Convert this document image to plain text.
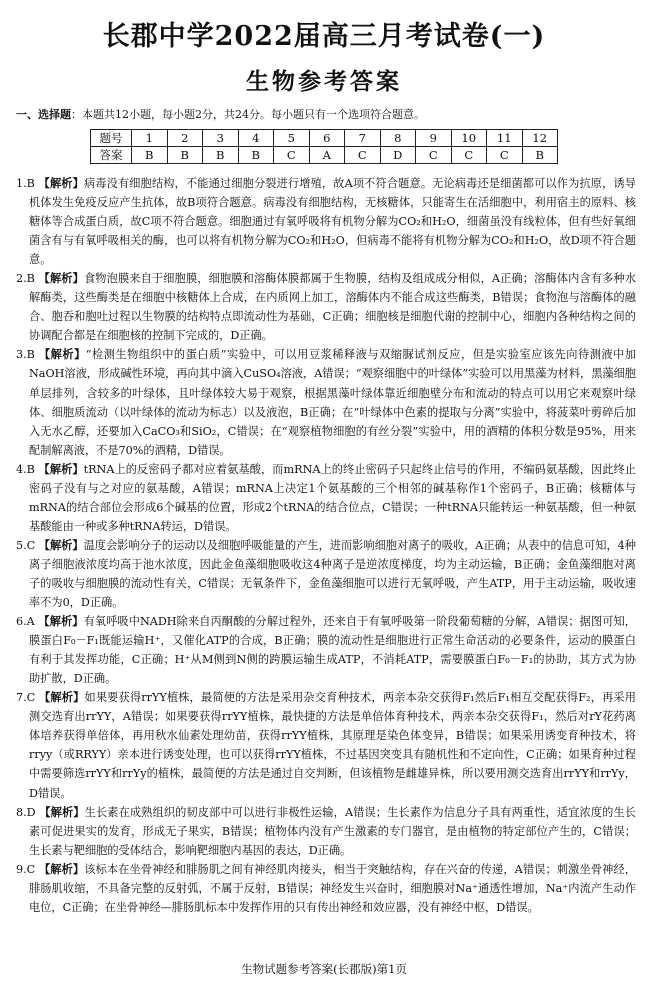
长郡中学2022届高三月考试卷(一)
生物参考答案
一、选择题：本题共12小题，每小题2分，共24分。每小题只有一个选项符合题意。
题号	1	2	3	4	5	6	7	8	9	10	11	12
答案	B	B	B	B	C	A	C	D	C	C	C	B

1.B 【解析】病毒没有细胞结构，不能通过细胞分裂进行增殖，故A项不符合题意。无论病毒还是细菌都可以作为抗原，诱导机体发生免疫反应产生抗体，故B项符合题意。病毒没有细胞结构，无核糖体，只能寄生在活细胞中，利用宿主的原料、核糖体等合成蛋白质，故C项不符合题意。细胞通过有氧呼吸将有机物分解为CO₂和H₂O，细菌虽没有线粒体，但有些好氧细菌含有与有氧呼吸相关的酶，也可以将有机物分解为CO₂和H₂O，但病毒不能将有机物分解为CO₂和H₂O，故D项不符合题意。

2.B 【解析】食物泡膜来自于细胞膜，细胞膜和溶酶体膜都属于生物膜，结构及组成成分相似，A正确；溶酶体内含有多种水解酶类，这些酶类是在细胞中核糖体上合成，在内质网上加工，溶酶体内不能合成这些酶类，B错误；食物泡与溶酶体的融合、胞吞和胞吐过程以生物膜的结构特点即流动性为基础，C正确；细胞核是细胞代谢的控制中心，细胞内各种结构之间的协调配合都是在细胞核的控制下完成的，D正确。

3.B 【解析】“检测生物组织中的蛋白质”实验中，可以用豆浆稀释液与双缩脲试剂反应，但是实验室应该先向待测液中加NaOH溶液，形成碱性环境，再向其中滴入CuSO₄溶液，A错误；“观察细胞中的叶绿体”实验可以用黑藻为材料，黑藻细胞单层排列，含较多的叶绿体，且叶绿体较大易于观察，根据黑藻叶绿体靠近细胞壁分布和流动的特点可以用它来观察叶绿体、细胞质流动（以叶绿体的流动为标志）以及液泡，B正确；在“叶绿体中色素的提取与分离”实验中，将菠菜叶剪碎后加入无水乙醇，还要加入CaCO₃和SiO₂，C错误；在“观察植物细胞的有丝分裂”实验中，用的酒精的体积分数是95%，用来配制解离液，不是70%的酒精，D错误。

4.B 【解析】tRNA上的反密码子都对应着氨基酸，而mRNA上的终止密码子只起终止信号的作用，不编码氨基酸，因此终止密码子没有与之对应的氨基酸，A错误；mRNA上决定1个氨基酸的三个相邻的碱基称作1个密码子，B正确；核糖体与mRNA的结合部位会形成6个碱基的位置，形成2个tRNA的结合位点，C错误；一种tRNA只能转运一种氨基酸，但一种氨基酸能由一种或多种tRNA转运，D错误。

5.C 【解析】温度会影响分子的运动以及细胞呼吸能量的产生，进而影响细胞对离子的吸收，A正确；从表中的信息可知，4种离子细胞液浓度均高于池水浓度，因此金鱼藻细胞吸收这4种离子是逆浓度梯度，均为主动运输，B正确；金鱼藻细胞对离子的吸收与细胞膜的流动性有关，C错误；无氧条件下，金鱼藻细胞可以进行无氧呼吸，产生ATP，用于主动运输，吸收速率不为0，D正确。

6.A 【解析】有氧呼吸中NADH除来自丙酮酸的分解过程外，还来自于有氧呼吸第一阶段葡萄糖的分解，A错误；据图可知，膜蛋白F₀－F₁既能运输H⁺，又催化ATP的合成，B正确；膜的流动性是细胞进行正常生命活动的必要条件，运动的膜蛋白有利于其发挥功能，C正确；H⁺从M侧到N侧的跨膜运输生成ATP，不消耗ATP，需要膜蛋白F₀－F₁的协助，其方式为协助扩散，D正确。

7.C 【解析】如果要获得rrYY植株，最简便的方法是采用杂交育种技术，两亲本杂交获得F₁然后F₁相互交配获得F₂，再采用测交选育出rrYY，A错误；如果要获得rrYY植株，最快捷的方法是单倍体育种技术，两亲本杂交获得F₁，然后对rY花药离体培养获得单倍体，再用秋水仙素处理幼苗，获得rrYY植株，其原理是染色体变异，B错误；如果采用诱变育种技术，将rryy（或RRYY）亲本进行诱变处理，也可以获得rrYY植株，不过基因突变具有随机性和不定向性，C正确；如果育种过程中需要筛选rrYY和rrYy的植株，最简便的方法是通过自交判断，但该植物是雌雄异株，所以要用测交选育出rrYY和rrYy，D错误。

8.D 【解析】生长素在成熟组织的韧皮部中可以进行非极性运输，A错误；生长素作为信息分子具有两重性，适宜浓度的生长素可促进果实的发育，形成无子果实，B错误；植物体内没有产生激素的专门器官，是由植物的特定部位产生的，C错误；生长素与靶细胞的受体结合，影响靶细胞内基因的表达，D正确。

9.C 【解析】该标本在坐骨神经和腓肠肌之间有神经肌肉接头，相当于突触结构，存在兴奋的传递，A错误；刺激坐骨神经，腓肠肌收缩，不具备完整的反射弧，不属于反射，B错误；神经发生兴奋时，细胞膜对Na⁺通透性增加，Na⁺内流产生动作电位，C正确；在坐骨神经—腓肠肌标本中发挥作用的只有传出神经和效应器，没有神经中枢，D错误。

生物试题参考答案(长郡版)第1页
